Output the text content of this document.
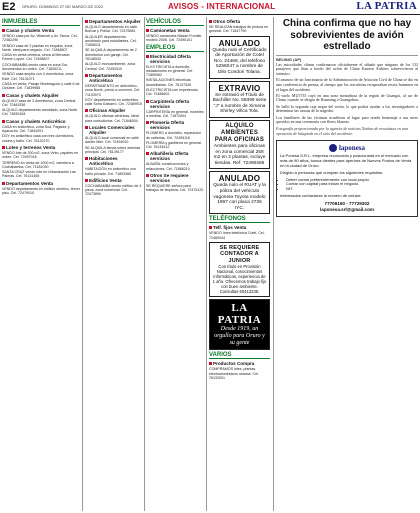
E2 ORURO, DOMINGO 27 DE MARZO DE 2022	AVISOS - INTERNACIONAL	LA PATRIA
INMUEBLES
Casas y chalets Venta

VENDO casa por Av. Villarroel y Av. Tacna. Cel. 72482290

VENDO casa de 2 plantas en esquina, zona Norte, ideal para negocio. Cel. 71848507

CASA en venta céntrica, cerca al Mercado Fermín López. Cel. 72498837

COCHABAMBA vendo casa en zona Sur, documentos en orden. Cel. 71845211

VENDO casa amplia con 4 dormitorios, zona Este. Cel. 76131071

CASA en venta, Pasaje Monteagudo y calle 6 de Octubre. Cel. 71839966

Casas y chalets Alquiler

ALQUILO casa de 3 dormitorios, zona Central. Cel. 72481536

ALQUILO departamento amoblado, zona Norte. Cel. 73830184

Casas y chalets Anticrético

CASA en anticrético, zona Sud, Pagador y Ayacucho. Cel. 71844201

DOY en anticrético casa con tres dormitorios, cocina y baño. Cel. 76132270

Lotes y terrenos Venta

VENDO lote de 300 m2, zona Vinto, papeles en orden. Cel. 72497018

TERRENO en venta de 1000 m2, carretera a Cochabamba. Cel. 71181090

SANTA CRUZ vendo lote en Urbanización Las Palmas. Cel. 76131455

Departamentos Venta

VENDO departamento en edificio céntrico, tercer piso. Cel. 72479010

Departamentos Alquiler

ALQUILO departamento en calle Bolívar y Potosí. Cel. 72476581

ALQUILER departamento amoblado para estudiantes. Cel. 71858011

SE ALQUILA departamento de 2 dormitorios con garaje. Cel. 76148532

ALQUILO monoambiente, zona Central. Cel. 72493310

Departamentos Anticrético

DEPARTAMENTO en anticrético, zona Norte, precio a convenir. Cel. 71193070

DOY departamento en anticrético, calle Soria Galvarro. Cel. 72489915

Oficinas Alquiler

ALQUILO oficinas céntricas, ideal para consultorios. Cel. 71846004

Locales Comerciales Alquiler

ALQUILO local comercial en calle Adolfo Mier. Cel. 72494020

SE ALQUILA tienda sobre avenida principal. Cel. 76149177

Habitaciones Anticrético

HABITACIÓN en anticrético con baño privado. Cel. 71853360

Edificios Venta

COCHABAMBA vendo edificio de 4 pisos, zona comercial. Cel. 72473890

VEHÍCULOS
Camionetas Venta

VENDO camioneta Nissan Frontier modelo 2008. Cel. 72490101

EMPLEOS
Electricidad Oferta servicios

ELECTRICISTA a domicilio, instalaciones en general. Cel. 71859062

INSTALACIONES eléctricas domiciliarias. Cel. 76137340

ELECTRICISTA con experiencia. Cel. 72486602

Carpintería Oferta servicios

CARPINTERÍA en general, muebles a medida. Cel. 71872004

Plomería Oferta servicios

PLOMERO a domicilio, reparación de cañerías. Cel. 72495118

PLOMERÍA y gasfitería en general. Cel. 76134412

Albañilería Oferta servicios

ALBAÑIL construcciones y refacciones. Cel. 71866210

Otros Se requiere servicios

SE REQUIERE señora para trabajos de limpieza. Cel. 72475120

Otros Oferta

SE REALIZAN trabajos de pintura en general. Cel. 71847790

ANULADO
Queda nulo el Certificado de Aportación de Cotel Nro. 24468, del teléfono 5256047 a nombre de Dilo Condori Tolana.
EXTRAVIO
Se extravió el Título de Bachiller No. 59399 serie "J" a nombre de Ximena Shirley Villca Tola.
ALQUILO AMBIENTES PARA OFICINAS
Ambientes para oficinas en zona comercial 258 m2 en 2 plantas, incluye tiendas. Ref. 72490485
ANULADO
Queda nulo el RUAT y la póliza del vehículo vagoneta Toyota modelo 1997 con placa 2736 IYC.
TELÉFONOS
Telf. fijos Venta
VENDO línea telefónica Cotel. Cel. 72480044
SE REQUIERE CONTADOR A JUNIOR
Con título en Provisión Nacional, conocimientos informáticos, experiencia de 1 año. Ofrecemos trabajo fijo con buen ambiente. Consultas 60413235.
LA PATRIA
Desde 1919, un orgullo para Oruro y su gente
VARIOS
Productos Compra
COMPRAMOS lotes, plantas, electrodomésticos usados. Cel. 76133001
China confirma que no hay sobrevivientes de avión estrellado
BEIJING (AP)

Las autoridades chinas confirmaron oficialmente el sábado que ninguno de los 132 pasajeros que iban a bordo del avión de China Eastern Airlines sobrevivieron al siniestro.

El anuncio de un funcionario de la Administración de Aviación Civil de China se dio en una conferencia de prensa, al tiempo que los rescatistas recuperaban restos humanos en el lugar del accidente.

El vuelo MU5735 cayó en una zona montañosa de la región de Guangxi, al sur de China, cuando se dirigía de Kunming a Guangzhou.

Se halló la segunda caja negra del avión, lo que podría ayudar a los investigadores a determinar las causas de la tragedia.

Los familiares de las víctimas acudieron al lugar para rendir homenaje a sus seres queridos en una ceremonia con flores blancas.

Fotografía proporcionada por la agencia de noticias Xinhua de rescatistas en una operación de búsqueda en el sitio del accidente.
laponesa

La Ponesa S.R.L. empresa reconocida y posicionada en el mercado con más de 80 años, busca dientes para apertura de Nuevos Puntos de Venta en la ciudad de Oruro.

Dirigido a personas que cumplan los siguientes requisitos:

• Deber contar preferentemente con local propio.
• Contar con capital para iniciar el negocio.
• NIT.

Interesados contactarse al número de celular:

77706160 - 77729302
laponesa.srl@gmail.com
